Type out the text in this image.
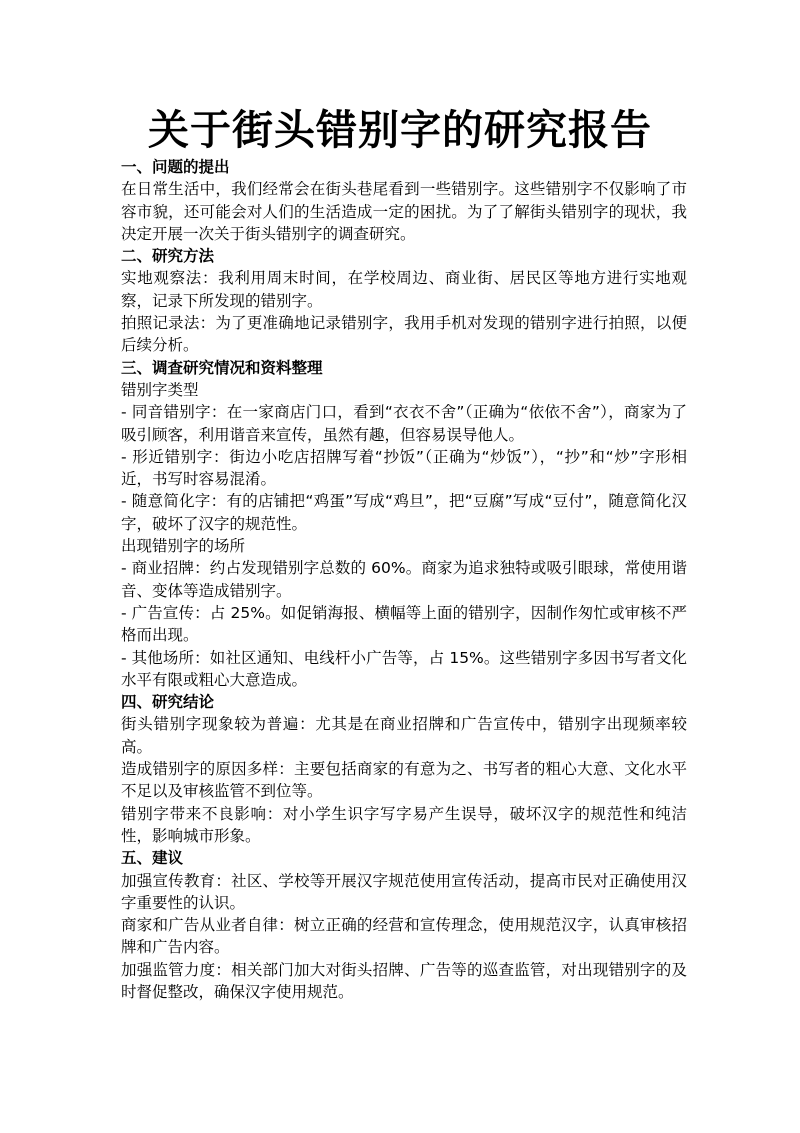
关于街头错别字的研究报告

一、问题的提出

在日常生活中，我们经常会在街头巷尾看到一些错别字。这些错别字不仅影响了市容市貌，还可能会对人们的生活造成一定的困扰。为了了解街头错别字的现状，我决定开展一次关于街头错别字的调查研究。

二、研究方法

实地观察法：我利用周末时间，在学校周边、商业街、居民区等地方进行实地观察，记录下所发现的错别字。

拍照记录法：为了更准确地记录错别字，我用手机对发现的错别字进行拍照，以便后续分析。

三、调查研究情况和资料整理

错别字类型

- 同音错别字：在一家商店门口，看到“衣衣不舍”（正确为“依依不舍”），商家为了吸引顾客，利用谐音来宣传，虽然有趣，但容易误导他人。

- 形近错别字：街边小吃店招牌写着“抄饭”（正确为“炒饭”），“抄”和“炒”字形相近，书写时容易混淆。

- 随意简化字：有的店铺把“鸡蛋”写成“鸡旦”，把“豆腐”写成“豆付”，随意简化汉字，破坏了汉字的规范性。

出现错别字的场所

- 商业招牌：约占发现错别字总数的 60%。商家为追求独特或吸引眼球，常使用谐音、变体等造成错别字。

- 广告宣传：占 25%。如促销海报、横幅等上面的错别字，因制作匆忙或审核不严格而出现。

- 其他场所：如社区通知、电线杆小广告等，占 15%。这些错别字多因书写者文化水平有限或粗心大意造成。

四、研究结论

街头错别字现象较为普遍：尤其是在商业招牌和广告宣传中，错别字出现频率较高。

造成错别字的原因多样：主要包括商家的有意为之、书写者的粗心大意、文化水平不足以及审核监管不到位等。

错别字带来不良影响：对小学生识字写字易产生误导，破坏汉字的规范性和纯洁性，影响城市形象。

五、建议

加强宣传教育：社区、学校等开展汉字规范使用宣传活动，提高市民对正确使用汉字重要性的认识。

商家和广告从业者自律：树立正确的经营和宣传理念，使用规范汉字，认真审核招牌和广告内容。

加强监管力度：相关部门加大对街头招牌、广告等的巡查监管，对出现错别字的及时督促整改，确保汉字使用规范。
